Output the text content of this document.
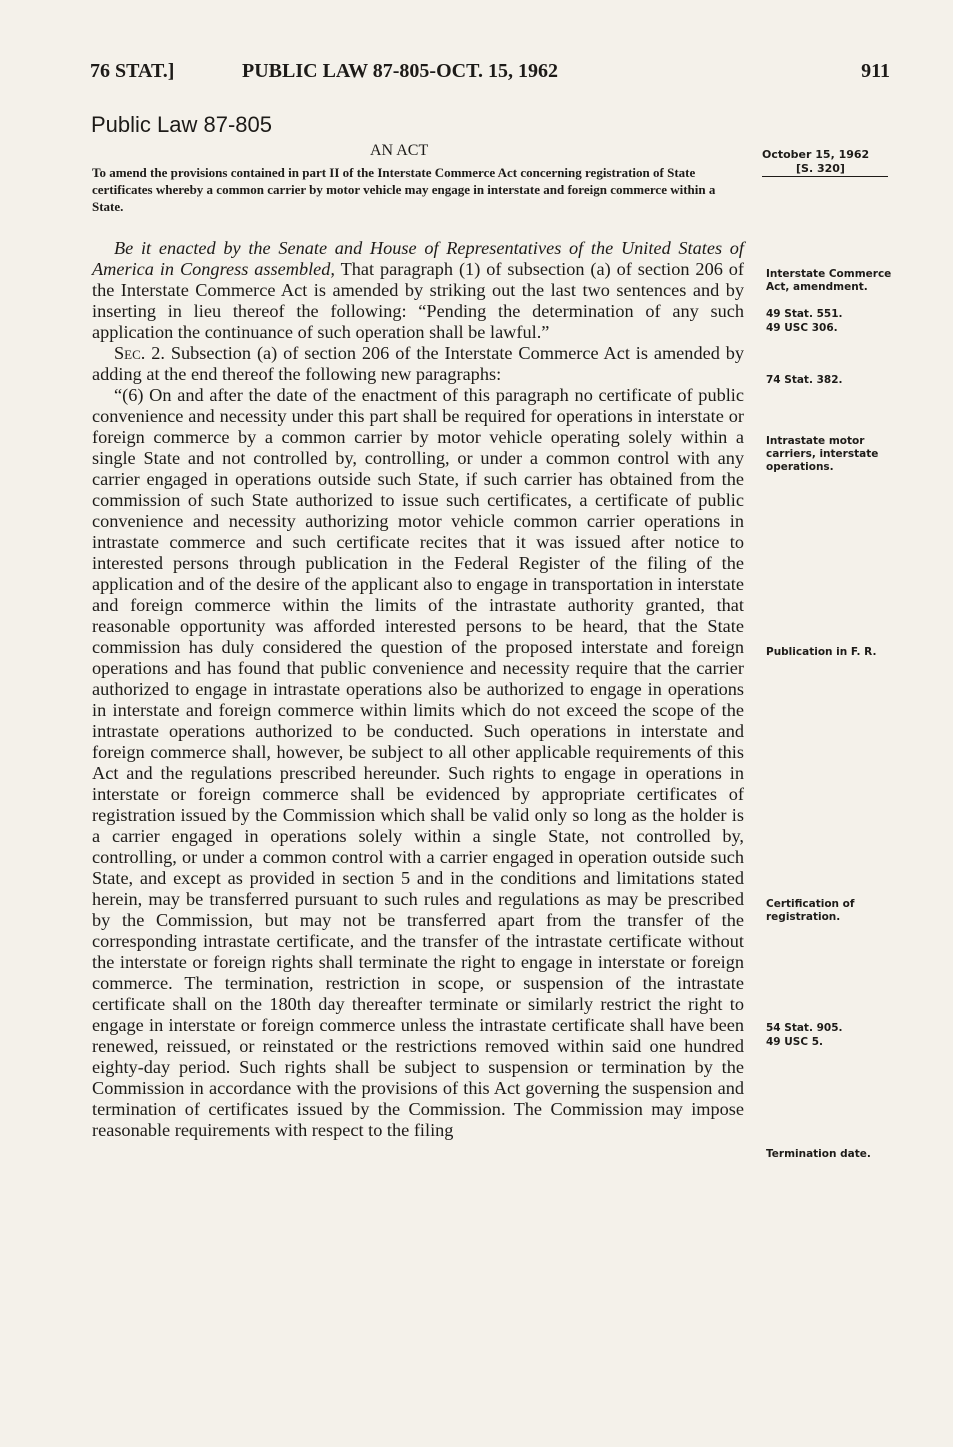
76 STAT.]	PUBLIC LAW 87-805-OCT. 15, 1962	911
Public Law 87-805
AN ACT
To amend the provisions contained in part II of the Interstate Commerce Act concerning registration of State certificates whereby a common carrier by motor vehicle may engage in interstate and foreign commerce within a State.
October 15, 1962
[S. 320]

Be it enacted by the Senate and House of Representatives of the United States of America in Congress assembled, That paragraph (1) of subsection (a) of section 206 of the Interstate Commerce Act is amended by striking out the last two sentences and by inserting in lieu thereof the following: “Pending the determination of any such application the continuance of such operation shall be lawful.”

Sec. 2. Subsection (a) of section 206 of the Interstate Commerce Act is amended by adding at the end thereof the following new paragraphs:

“(6) On and after the date of the enactment of this paragraph no certificate of public convenience and necessity under this part shall be required for operations in interstate or foreign commerce by a common carrier by motor vehicle operating solely within a single State and not controlled by, controlling, or under a common control with any carrier engaged in operations outside such State, if such carrier has obtained from the commission of such State authorized to issue such certificates, a certificate of public convenience and necessity authorizing motor vehicle common carrier operations in intrastate commerce and such certificate recites that it was issued after notice to interested persons through publication in the Federal Register of the filing of the application and of the desire of the applicant also to engage in transportation in interstate and foreign commerce within the limits of the intrastate authority granted, that reasonable opportunity was afforded interested persons to be heard, that the State commission has duly considered the question of the proposed interstate and foreign operations and has found that public convenience and necessity require that the carrier authorized to engage in intrastate operations also be authorized to engage in operations in interstate and foreign commerce within limits which do not exceed the scope of the intrastate operations authorized to be conducted. Such operations in interstate and foreign commerce shall, however, be subject to all other applicable requirements of this Act and the regulations prescribed hereunder. Such rights to engage in operations in interstate or foreign commerce shall be evidenced by appropriate certificates of registration issued by the Commission which shall be valid only so long as the holder is a carrier engaged in operations solely within a single State, not controlled by, controlling, or under a common control with a carrier engaged in operation outside such State, and except as provided in section 5 and in the conditions and limitations stated herein, may be transferred pursuant to such rules and regulations as may be prescribed by the Commission, but may not be transferred apart from the transfer of the corresponding intrastate certificate, and the transfer of the intrastate certificate without the interstate or foreign rights shall terminate the right to engage in interstate or foreign commerce. The termination, restriction in scope, or suspension of the intrastate certificate shall on the 180th day thereafter terminate or similarly restrict the right to engage in interstate or foreign commerce unless the intrastate certificate shall have been renewed, reissued, or reinstated or the restrictions removed within said one hundred eighty-day period. Such rights shall be subject to suspension or termination by the Commission in accordance with the provisions of this Act governing the suspension and termination of certificates issued by the Commission. The Commission may impose reasonable requirements with respect to the filing

Interstate Commerce Act, amendment.
49 Stat. 551.
49 USC 306.
74 Stat. 382.
Intrastate motor carriers, interstate operations.
Publication in F. R.
Certification of registration.
54 Stat. 905.
49 USC 5.
Termination date.
